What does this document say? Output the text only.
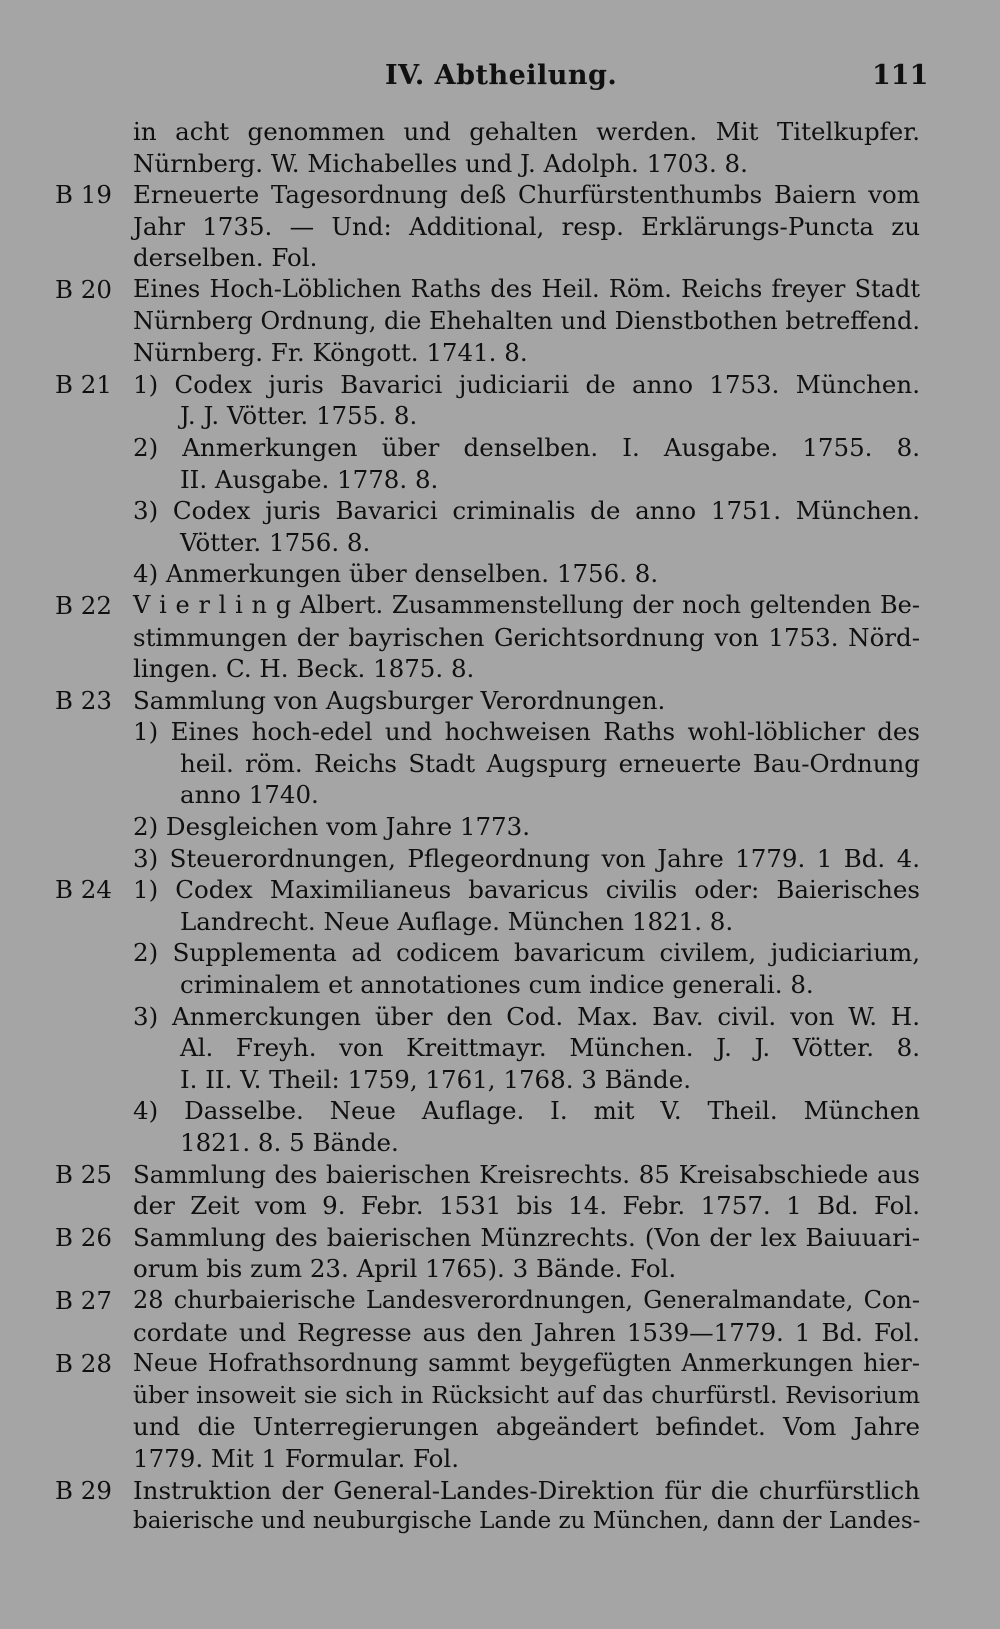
IV. Abtheilung.	111
in acht genommen und gehalten werden. Mit Titelkupfer.
Nürnberg. W. Michabelles und J. Adolph. 1703. 8.
B 19 Erneuerte Tagesordnung deß Churfürstenthumbs Baiern vom
Jahr 1735. — Und: Additional, resp. Erklärungs-Puncta zu
derselben. Fol.
B 20 Eines Hoch-Löblichen Raths des Heil. Röm. Reichs freyer Stadt
Nürnberg Ordnung, die Ehehalten und Dienstbothen betreffend.
Nürnberg. Fr. Köngott. 1741. 8.
B 21 1) Codex juris Bavarici judiciarii de anno 1753. München.
J. J. Vötter. 1755. 8.
2) Anmerkungen über denselben. I. Ausgabe. 1755. 8.
II. Ausgabe. 1778. 8.
3) Codex juris Bavarici criminalis de anno 1751. München.
Vötter. 1756. 8.
4) Anmerkungen über denselben. 1756. 8.
B 22 V i e r l i n g Albert. Zusammenstellung der noch geltenden Be-
stimmungen der bayrischen Gerichtsordnung von 1753. Nörd-
lingen. C. H. Beck. 1875. 8.
B 23 Sammlung von Augsburger Verordnungen.
1) Eines hoch-edel und hochweisen Raths wohl-löblicher des
heil. röm. Reichs Stadt Augspurg erneuerte Bau-Ordnung
anno 1740.
2) Desgleichen vom Jahre 1773.
3) Steuerordnungen, Pflegeordnung von Jahre 1779. 1 Bd. 4.
B 24 1) Codex Maximilianeus bavaricus civilis oder: Baierisches
Landrecht. Neue Auflage. München 1821. 8.
2) Supplementa ad codicem bavaricum civilem, judiciarium,
criminalem et annotationes cum indice generali. 8.
3) Anmerckungen über den Cod. Max. Bav. civil. von W. H.
Al. Freyh. von Kreittmayr. München. J. J. Vötter. 8.
I. II. V. Theil: 1759, 1761, 1768. 3 Bände.
4) Dasselbe. Neue Auflage. I. mit V. Theil. München
1821. 8. 5 Bände.
B 25 Sammlung des baierischen Kreisrechts. 85 Kreisabschiede aus
der Zeit vom 9. Febr. 1531 bis 14. Febr. 1757. 1 Bd. Fol.
B 26 Sammlung des baierischen Münzrechts. (Von der lex Baiuuari-
orum bis zum 23. April 1765). 3 Bände. Fol.
B 27 28 churbaierische Landesverordnungen, Generalmandate, Con-
cordate und Regresse aus den Jahren 1539—1779. 1 Bd. Fol.
B 28 Neue Hofrathsordnung sammt beygefügten Anmerkungen hier-
über insoweit sie sich in Rücksicht auf das churfürstl. Revisorium
und die Unterregierungen abgeändert befindet. Vom Jahre
1779. Mit 1 Formular. Fol.
B 29 Instruktion der General-Landes-Direktion für die churfürstlich
baierische und neuburgische Lande zu München, dann der Landes-
